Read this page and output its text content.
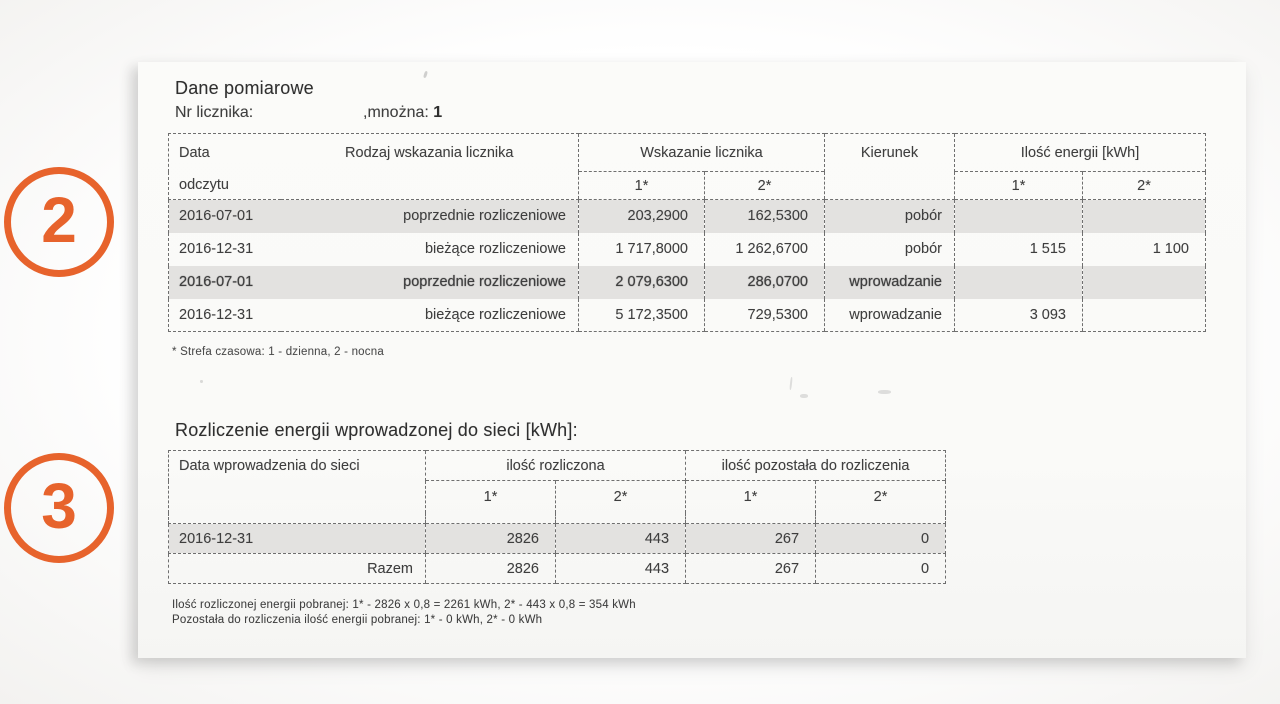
2
3
Dane pomiarowe
Nr licznika:	,mnożna: 1
Data	Rodzaj wskazania licznika	Wskazanie licznika		Kierunek	Ilość energii [kWh]	
odczytu		1*	2*		1*	2*
2016-07-01	poprzednie rozliczeniowe	203,2900	162,5300	pobór		
2016-12-31	bieżące rozliczeniowe	1 717,8000	1 262,6700	pobór	1 515	1 100
2016-07-01	poprzednie rozliczeniowe	2 079,6300	286,0700	wprowadzanie		
2016-12-31	bieżące rozliczeniowe	5 172,3500	729,5300	wprowadzanie	3 093	
* Strefa czasowa: 1 - dzienna, 2 - nocna
Rozliczenie energii wprowadzonej do sieci [kWh]:
Data wprowadzenia do sieci	ilość rozliczona		ilość pozostała do rozliczenia	
	1*	2*	1*	2*

2016-12-31	2826	443	267	0
Razem	2826	443	267	0
Ilość rozliczonej energii pobranej: 1* - 2826 x 0,8 = 2261 kWh, 2* - 443 x 0,8 = 354 kWh
Pozostała do rozliczenia ilość energii pobranej: 1* - 0 kWh, 2* - 0 kWh
